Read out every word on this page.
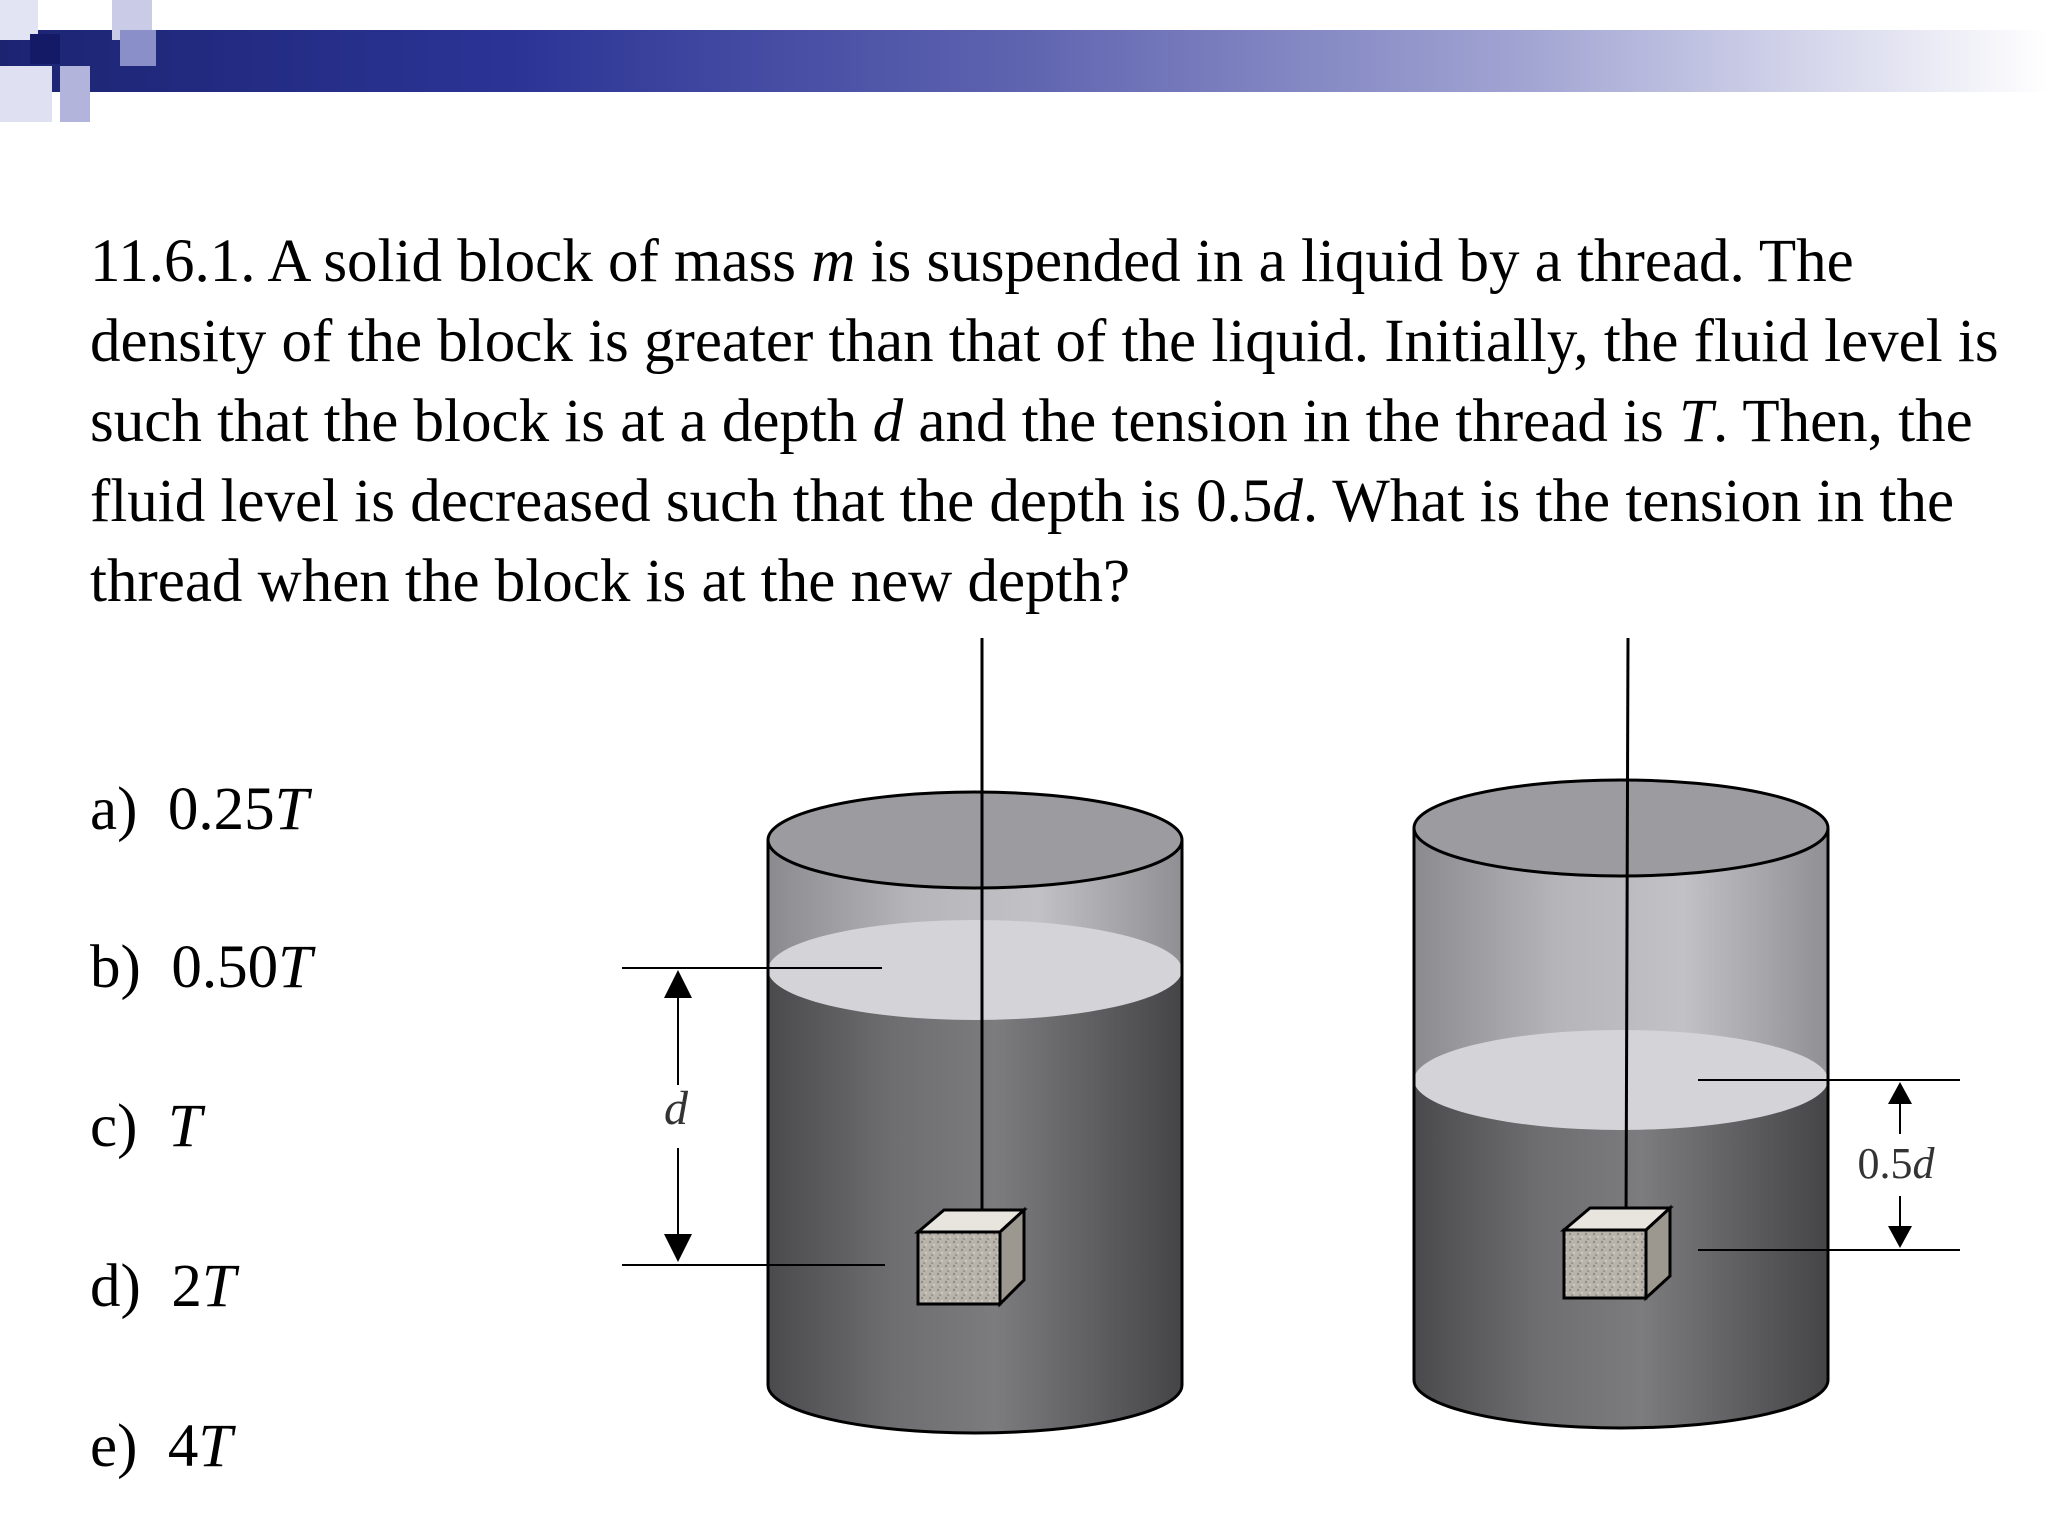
11.6.1. A solid block of mass m is suspended in a liquid by a thread. The density of the block is greater than that of the liquid. Initially, the fluid level is such that the block is at a depth d and the tension in the thread is T. Then, the fluid level is decreased such that the depth is 0.5d. What is the tension in the thread when the block is at the new depth?
a) 0.25T
b) 0.50T
c) T
d) 2T
e) 4T
d
0.5d
